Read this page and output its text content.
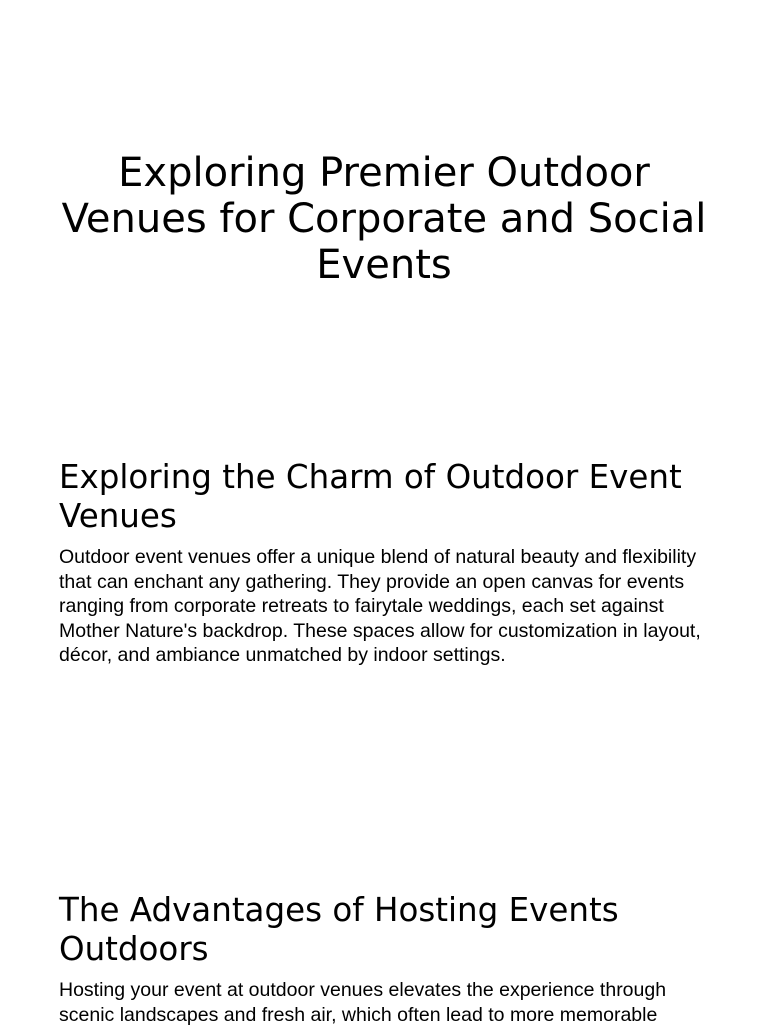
Exploring Premier Outdoor Venues for Corporate and Social Events
Exploring the Charm of Outdoor Event Venues

Outdoor event venues offer a unique blend of natural beauty and flexibility that can enchant any gathering. They provide an open canvas for events ranging from corporate retreats to fairytale weddings, each set against Mother Nature's backdrop. These spaces allow for customization in layout, décor, and ambiance unmatched by indoor settings.

The Advantages of Hosting Events Outdoors

Hosting your event at outdoor venues elevates the experience through scenic landscapes and fresh air, which often lead to more memorable
